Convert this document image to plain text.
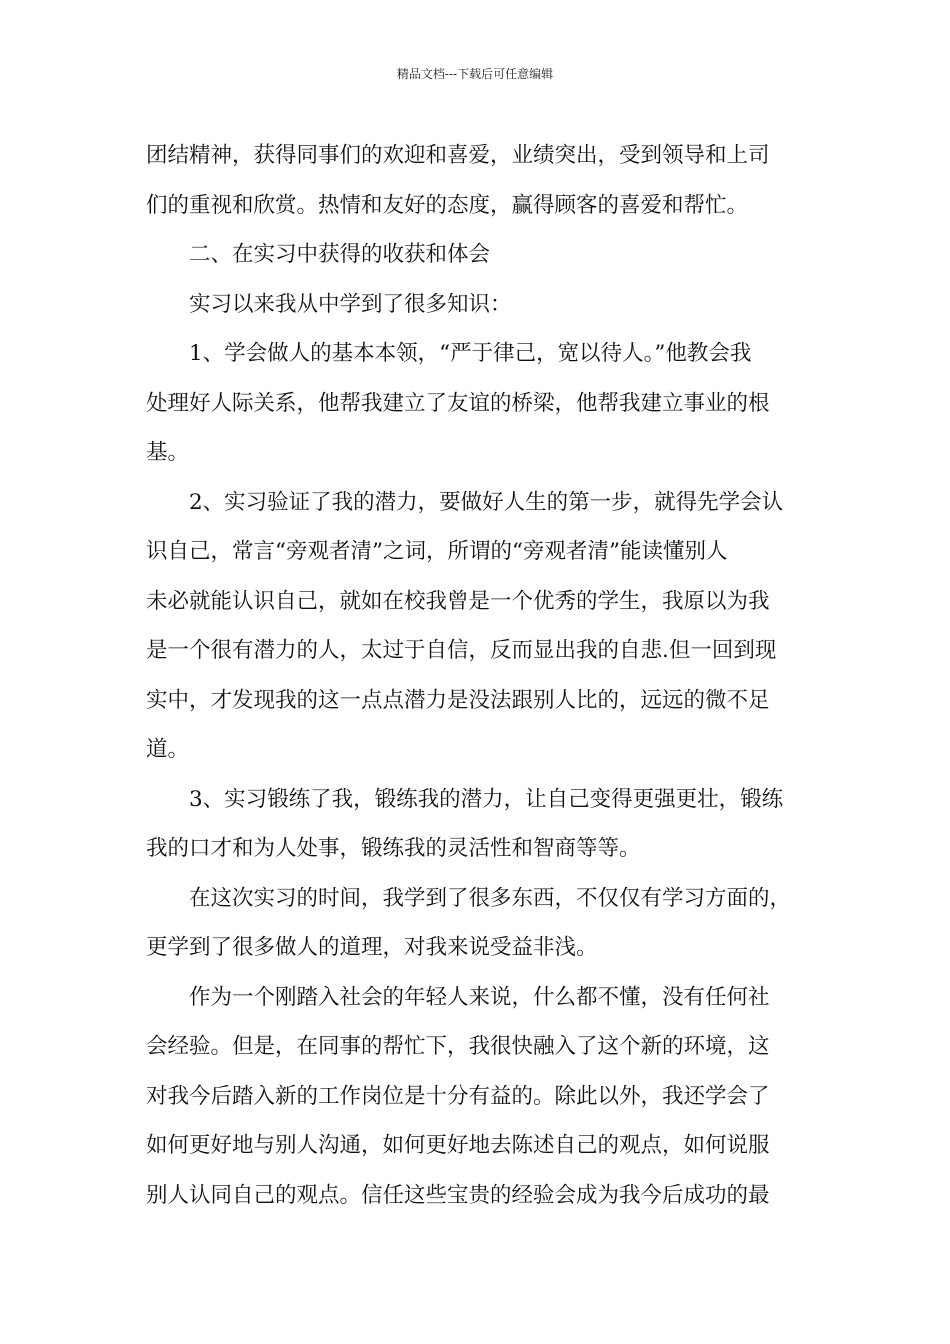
精品文档---下载后可任意编辑

团结精神，获得同事们的欢迎和喜爱，业绩突出，受到领导和上司

们的重视和欣赏。热情和友好的态度，赢得顾客的喜爱和帮忙。

　　二、在实习中获得的收获和体会

　　实习以来我从中学到了很多知识：

　　1、学会做人的基本本领，“严于律己，宽以待人。”他教会我

处理好人际关系，他帮我建立了友谊的桥梁，他帮我建立事业的根

基。

　　2、实习验证了我的潜力，要做好人生的第一步，就得先学会认

识自己，常言“旁观者清”之词，所谓的“旁观者清”能读懂别人

未必就能认识自己，就如在校我曾是一个优秀的学生，我原以为我

是一个很有潜力的人，太过于自信，反而显出我的自悲.但一回到现

实中，才发现我的这一点点潜力是没法跟别人比的，远远的微不足

道。

　　3、实习锻练了我，锻练我的潜力，让自己变得更强更壮，锻练

我的口才和为人处事，锻练我的灵活性和智商等等。

　　在这次实习的时间，我学到了很多东西，不仅仅有学习方面的，

更学到了很多做人的道理，对我来说受益非浅。

　　作为一个刚踏入社会的年轻人来说，什么都不懂，没有任何社

会经验。但是，在同事的帮忙下，我很快融入了这个新的环境，这

对我今后踏入新的工作岗位是十分有益的。除此以外，我还学会了

如何更好地与别人沟通，如何更好地去陈述自己的观点，如何说服

别人认同自己的观点。信任这些宝贵的经验会成为我今后成功的最
